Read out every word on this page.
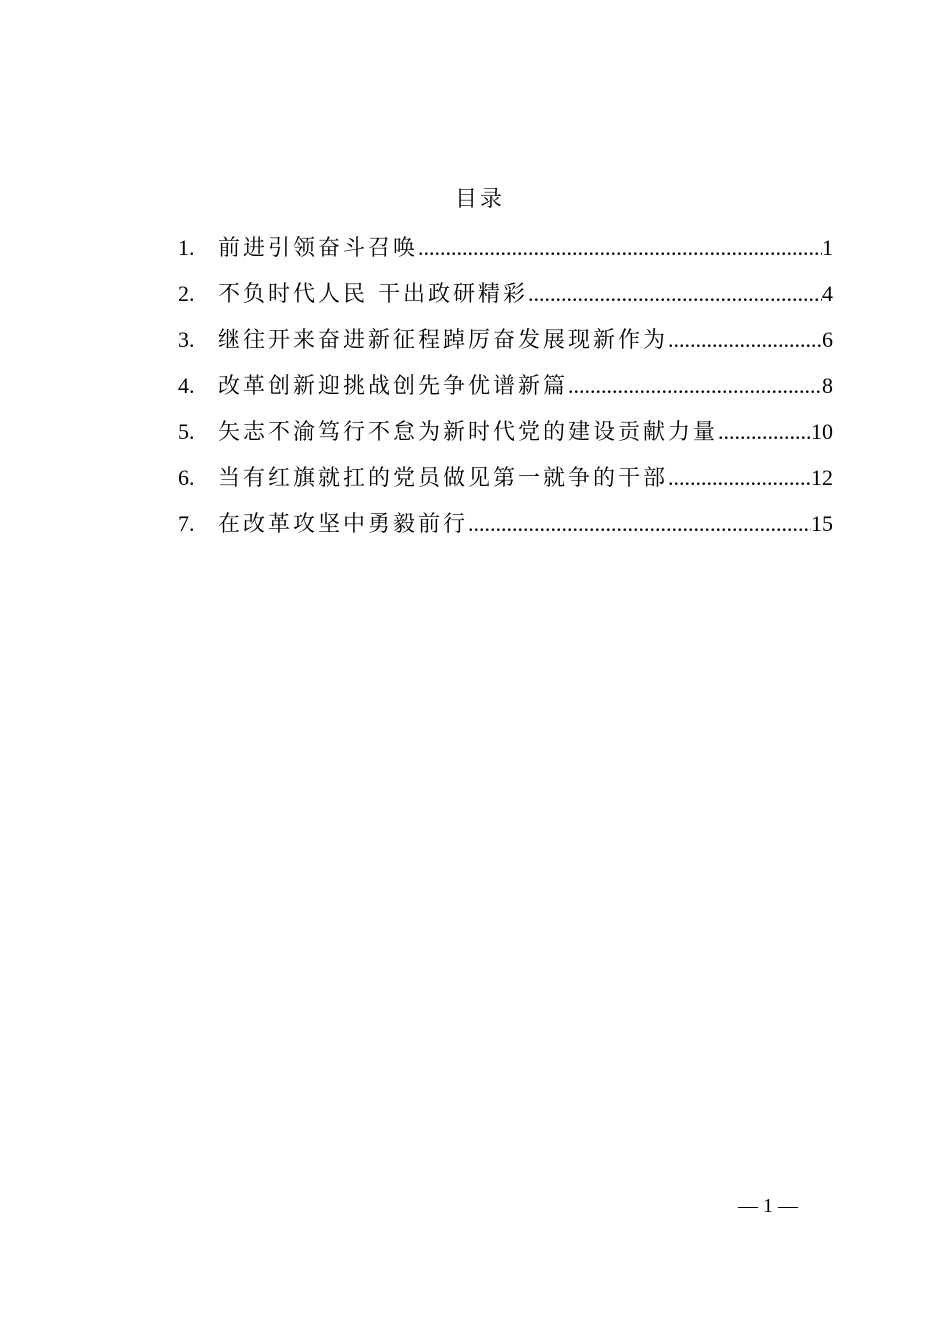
目录
1.	前进引领奋斗召唤 .....	1
2.	不负时代人民 干出政研精彩 .....	4
3.	继往开来奋进新征程踔厉奋发展现新作为 .....	6
4.	改革创新迎挑战创先争优谱新篇 .....	8
5.	矢志不渝笃行不怠为新时代党的建设贡献力量 .....	10
6.	当有红旗就扛的党员做见第一就争的干部 .....	12
7.	在改革攻坚中勇毅前行 .....	15
— 1 —
